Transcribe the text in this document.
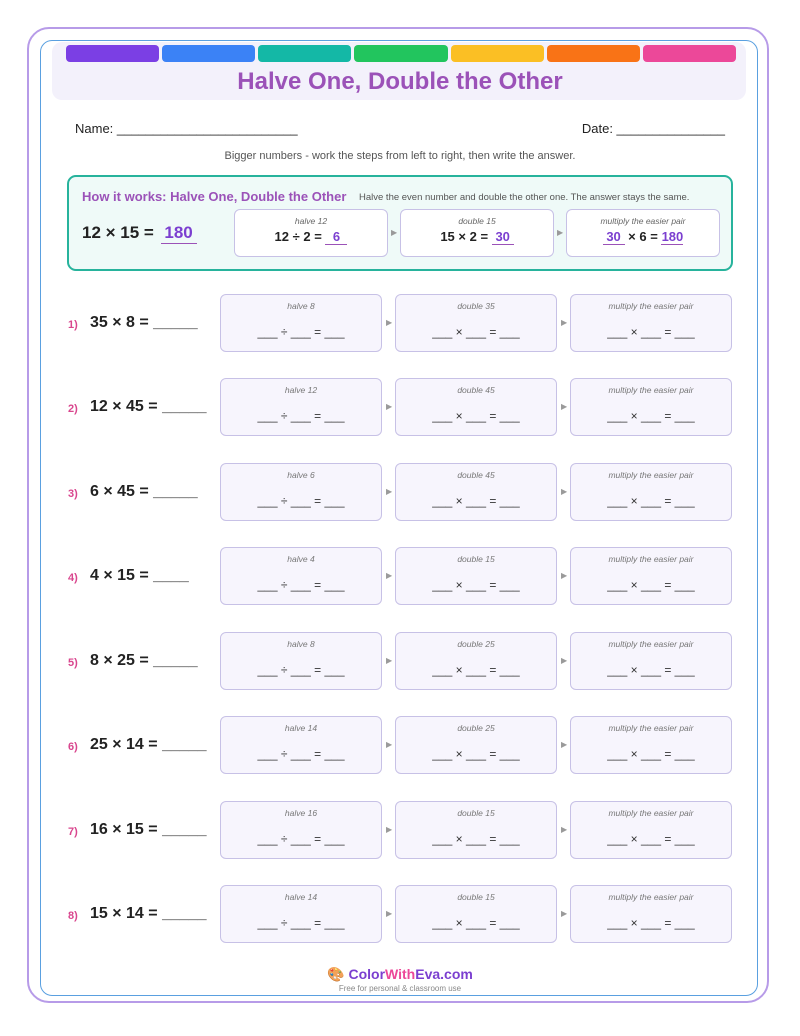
Halve One, Double the Other
Name: _________________________	Date: _______________
Bigger numbers - work the steps from left to right, then write the answer.
How it works: Halve One, Double the Other Halve the even number and double the other one. The answer stays the same.
12 × 15 = 180
halve 12
12 ÷ 2 = 6	▶
double 15
15 × 2 = 30	▶
multiply the easier pair
30 × 6 = 180
1) 35 × 8 = _____
halve 8
___ ÷ ___ = ___
▶
double 35
___ × ___ = ___
▶
multiply the easier pair
___ × ___ = ___
2) 12 × 45 = _____
halve 12
___ ÷ ___ = ___
▶
double 45
___ × ___ = ___
▶
multiply the easier pair
___ × ___ = ___
3) 6 × 45 = _____
halve 6
___ ÷ ___ = ___
▶
double 45
___ × ___ = ___
▶
multiply the easier pair
___ × ___ = ___
4) 4 × 15 = ____
halve 4
___ ÷ ___ = ___
▶
double 15
___ × ___ = ___
▶
multiply the easier pair
___ × ___ = ___
5) 8 × 25 = _____
halve 8
___ ÷ ___ = ___
▶
double 25
___ × ___ = ___
▶
multiply the easier pair
___ × ___ = ___
6) 25 × 14 = _____
halve 14
___ ÷ ___ = ___
▶
double 25
___ × ___ = ___
▶
multiply the easier pair
___ × ___ = ___
7) 16 × 15 = _____
halve 16
___ ÷ ___ = ___
▶
double 15
___ × ___ = ___
▶
multiply the easier pair
___ × ___ = ___
8) 15 × 14 = _____
halve 14
___ ÷ ___ = ___
▶
double 15
___ × ___ = ___
▶
multiply the easier pair
___ × ___ = ___
🎨 ColorWithEva.com
Free for personal & classroom use
